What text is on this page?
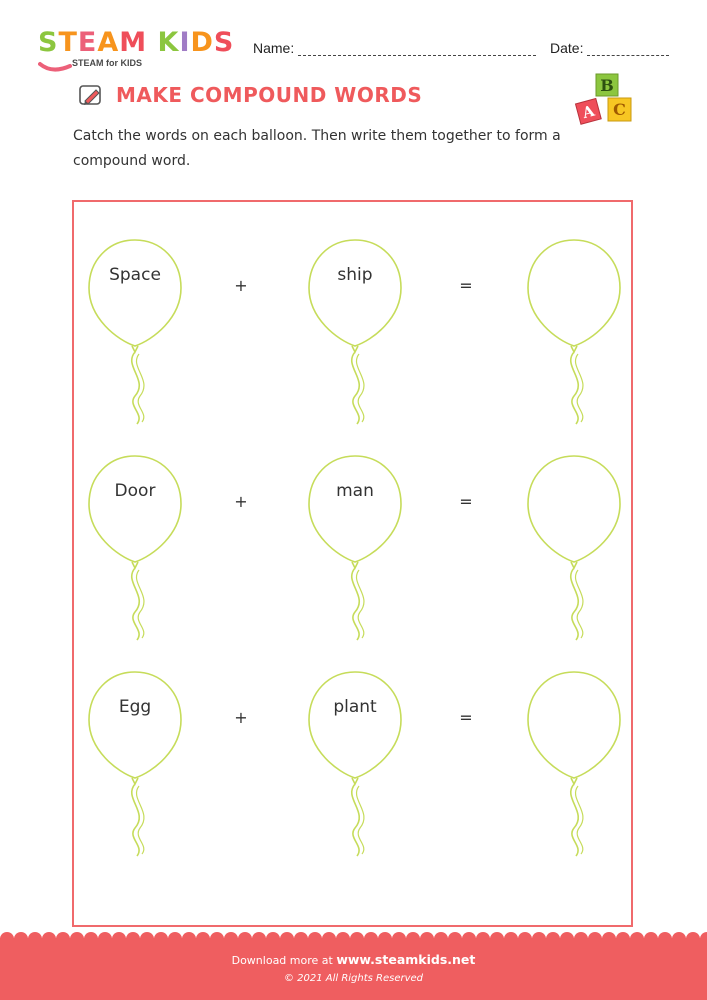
STEAM KIDS
STEAM for KIDS
Name:	Date:
MAKE COMPOUND WORDS	B
A C
Catch the words on each balloon. Then write them together to form a compound word.
Space
+
ship
=
Door
+
man
=
Egg
+
plant
=
Download more at www.steamkids.net
© 2021 All Rights Reserved
